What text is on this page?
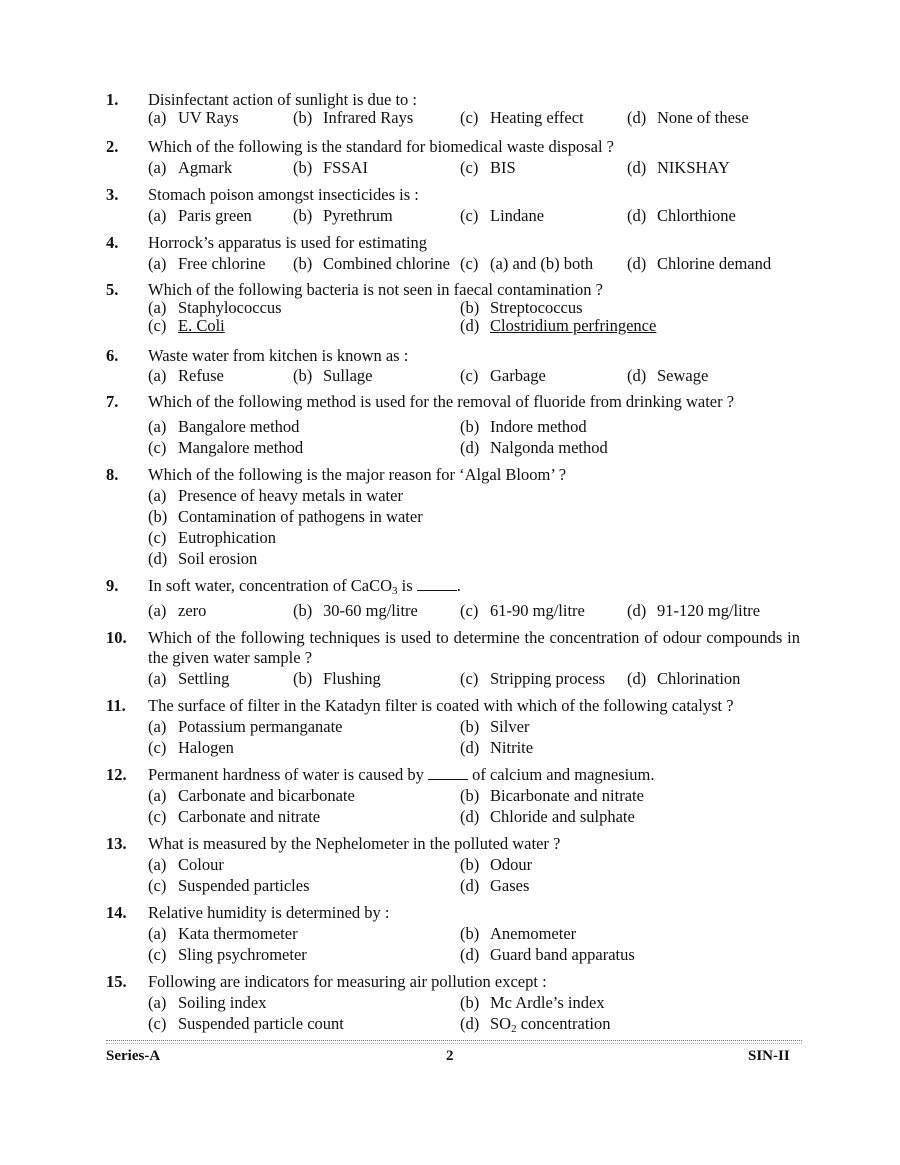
1. Disinfectant action of sunlight is due to :
(a) UV Rays	(b) Infrared Rays	(c) Heating effect	(d) None of these
2. Which of the following is the standard for biomedical waste disposal ?
(a) Agmark	(b) FSSAI	(c) BIS	(d) NIKSHAY
3. Stomach poison amongst insecticides is :
(a) Paris green (b) Pyrethrum	(c) Lindane	(d) Chlorthione
4. Horrock’s apparatus is used for estimating
(a) Free chlorine (b) Combined chlorine (c) (a) and (b) both (d) Chlorine demand
5. Which of the following bacteria is not seen in faecal contamination ?
(a) Staphylococcus	(b) Streptococcus
(c) E. Coli	(d) Clostridium perfringence
6. Waste water from kitchen is known as :
(a) Refuse	(b) Sullage	(c) Garbage	(d) Sewage
7. Which of the following method is used for the removal of fluoride from drinking water ?
(a) Bangalore method	(b) Indore method
(c) Mangalore method	(d) Nalgonda method
8. Which of the following is the major reason for ‘Algal Bloom’ ?
(a) Presence of heavy metals in water
(b) Contamination of pathogens in water
(c) Eutrophication
(d) Soil erosion
9. In soft water, concentration of CaCO$_3$ is	.
(a) zero	(b) 30-60 mg/litre	(c) 61-90 mg/litre	(d) 91-120 mg/litre
10. Which of the following techniques is used to determine the concentration of odour compounds in the given water sample ?
(a) Settling	(b) Flushing	(c) Stripping process (d) Chlorination
11. The surface of filter in the Katadyn filter is coated with which of the following catalyst ?
(a) Potassium permanganate	(b) Silver
(c) Halogen	(d) Nitrite
12. Permanent hardness of water is caused by	of calcium and magnesium.
(a) Carbonate and bicarbonate	(b) Bicarbonate and nitrate
(c) Carbonate and nitrate	(d) Chloride and sulphate
13. What is measured by the Nephelometer in the polluted water ?
(a) Colour	(b) Odour
(c) Suspended particles	(d) Gases
14. Relative humidity is determined by :
(a) Kata thermometer	(b) Anemometer
(c) Sling psychrometer	(d) Guard band apparatus
15. Following are indicators for measuring air pollution except :
(a) Soiling index	(b) Mc Ardle’s index
(c) Suspended particle count	(d) $SO_2$ concentration
Series-A	2	SIN-II
